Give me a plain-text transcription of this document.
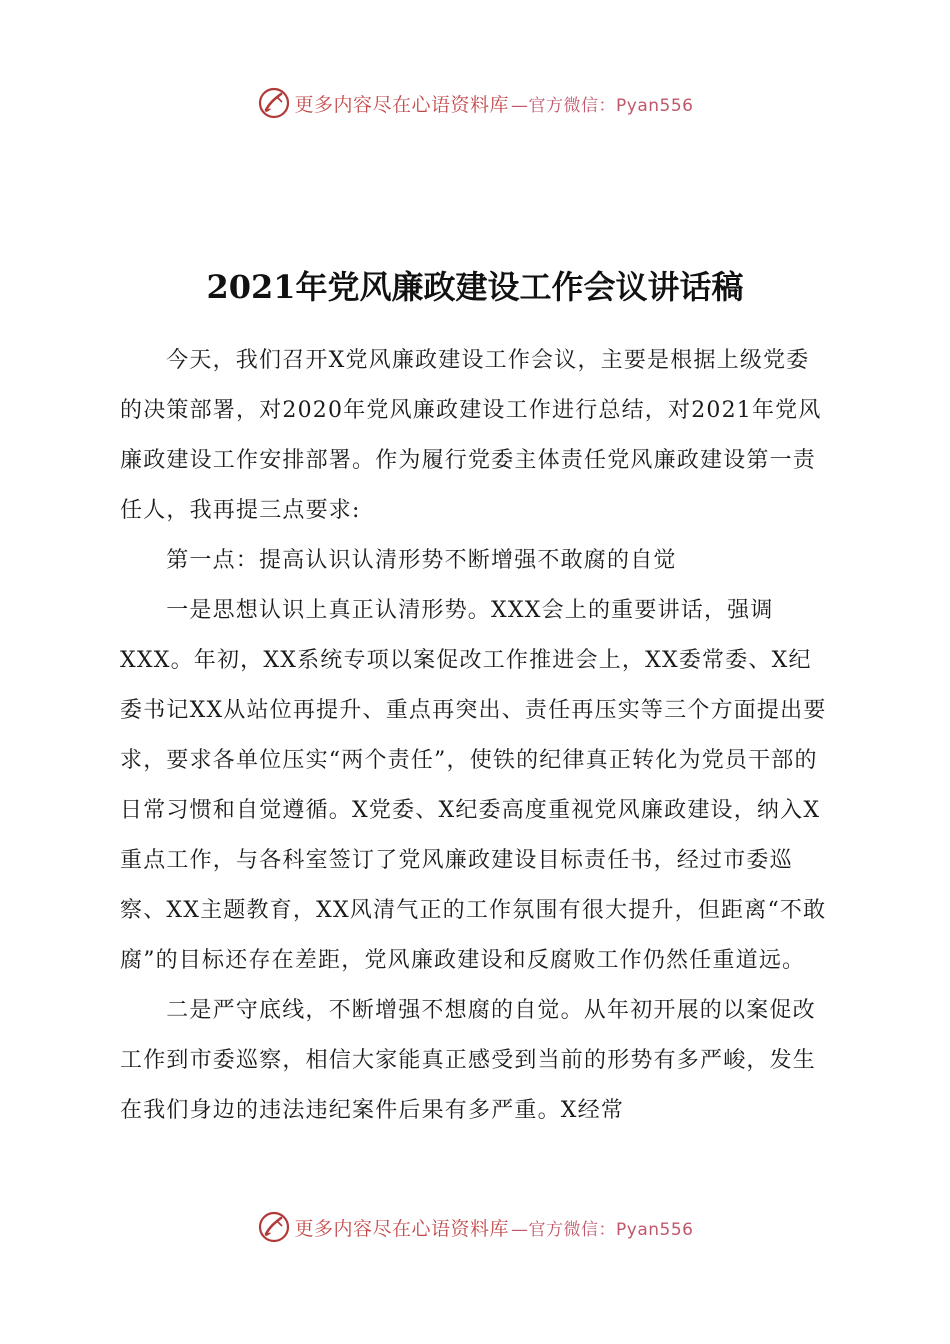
更多内容尽在心语资料库 —官方微信：Pyan556
2021年党风廉政建设工作会议讲话稿

今天，我们召开X党风廉政建设工作会议，主要是根据上级党委的决策部署，对2020年党风廉政建设工作进行总结，对2021年党风廉政建设工作安排部署。作为履行党委主体责任党风廉政建设第一责任人，我再提三点要求:

第一点：提高认识认清形势不断增强不敢腐的自觉

一是思想认识上真正认清形势。XXX会上的重要讲话，强调XXX。年初，XX系统专项以案促改工作推进会上，XX委常委、X纪委书记XX从站位再提升、重点再突出、责任再压实等三个方面提出要求，要求各单位压实“两个责任”，使铁的纪律真正转化为党员干部的日常习惯和自觉遵循。X党委、X纪委高度重视党风廉政建设，纳入X重点工作，与各科室签订了党风廉政建设目标责任书，经过市委巡察、XX主题教育，XX风清气正的工作氛围有很大提升，但距离“不敢腐”的目标还存在差距，党风廉政建设和反腐败工作仍然任重道远。

二是严守底线，不断增强不想腐的自觉。从年初开展的以案促改工作到市委巡察，相信大家能真正感受到当前的形势有多严峻，发生在我们身边的违法违纪案件后果有多严重。X经常

更多内容尽在心语资料库 —官方微信：Pyan556
